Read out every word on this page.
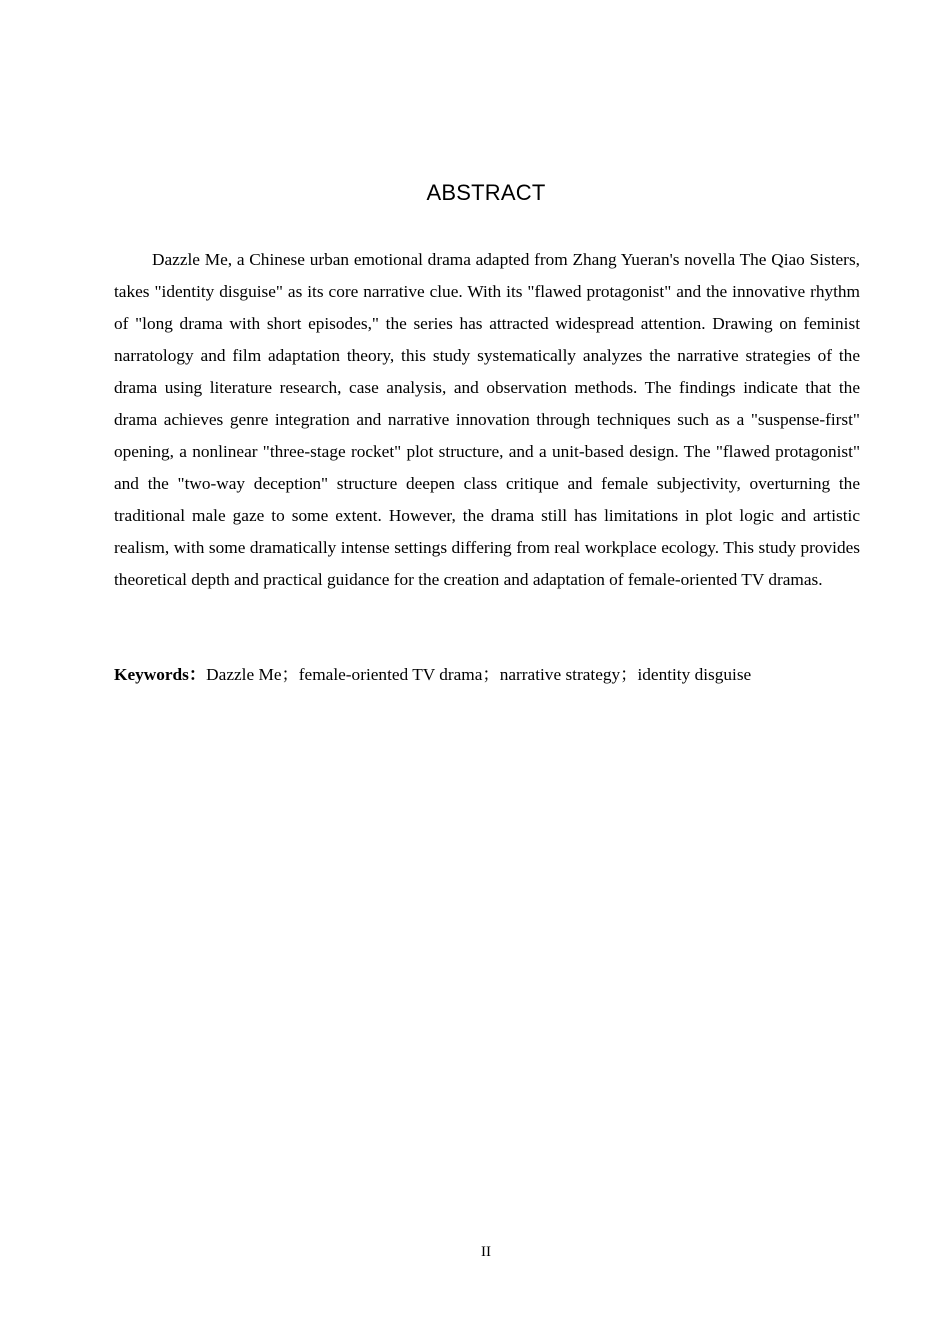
ABSTRACT

Dazzle Me, a Chinese urban emotional drama adapted from Zhang Yueran's novella The Qiao Sisters, takes "identity disguise" as its core narrative clue. With its "flawed protagonist" and the innovative rhythm of "long drama with short episodes," the series has attracted widespread attention. Drawing on feminist narratology and film adaptation theory, this study systematically analyzes the narrative strategies of the drama using literature research, case analysis, and observation methods. The findings indicate that the drama achieves genre integration and narrative innovation through techniques such as a "suspense-first" opening, a nonlinear "three-stage rocket" plot structure, and a unit-based design. The "flawed protagonist" and the "two-way deception" structure deepen class critique and female subjectivity, overturning the traditional male gaze to some extent. However, the drama still has limitations in plot logic and artistic realism, with some dramatically intense settings differing from real workplace ecology. This study provides theoretical depth and practical guidance for the creation and adaptation of female-oriented TV dramas.

Keywords：Dazzle Me；female-oriented TV drama；narrative strategy；identity disguise

II
